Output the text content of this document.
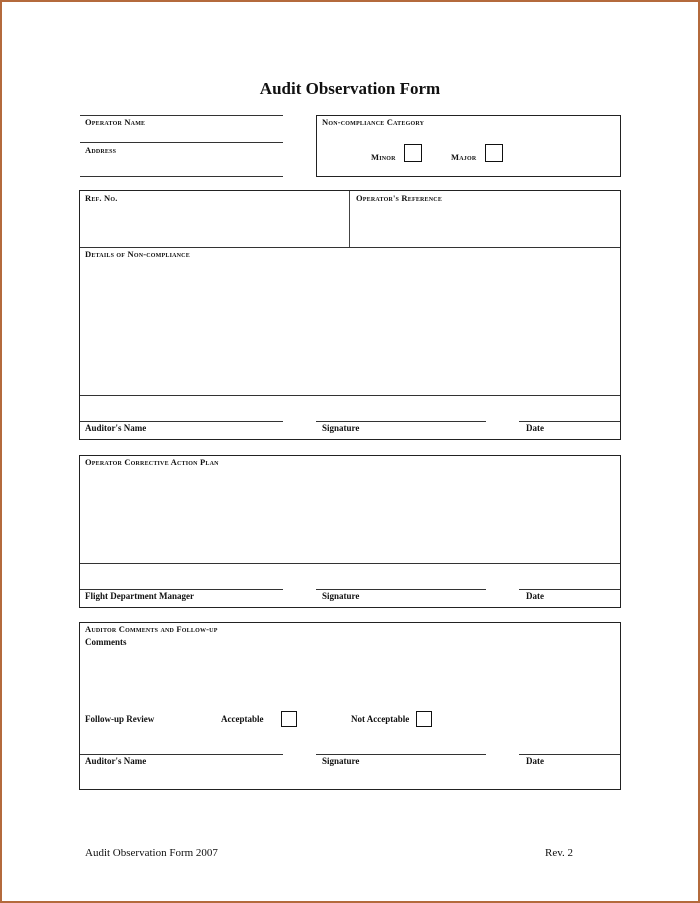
Audit Observation Form
Operator Name
Address
Non-compliance Category
Minor	Major
Ref. No.	Operator's Reference
Details of Non-compliance
Auditor's Name	Signature	Date
Operator Corrective Action Plan
Flight Department Manager	Signature	Date
Auditor Comments and Follow-up
Comments
Follow-up Review	Acceptable	Not Acceptable
Auditor's Name	Signature	Date
Audit Observation Form 2007	Rev. 2
